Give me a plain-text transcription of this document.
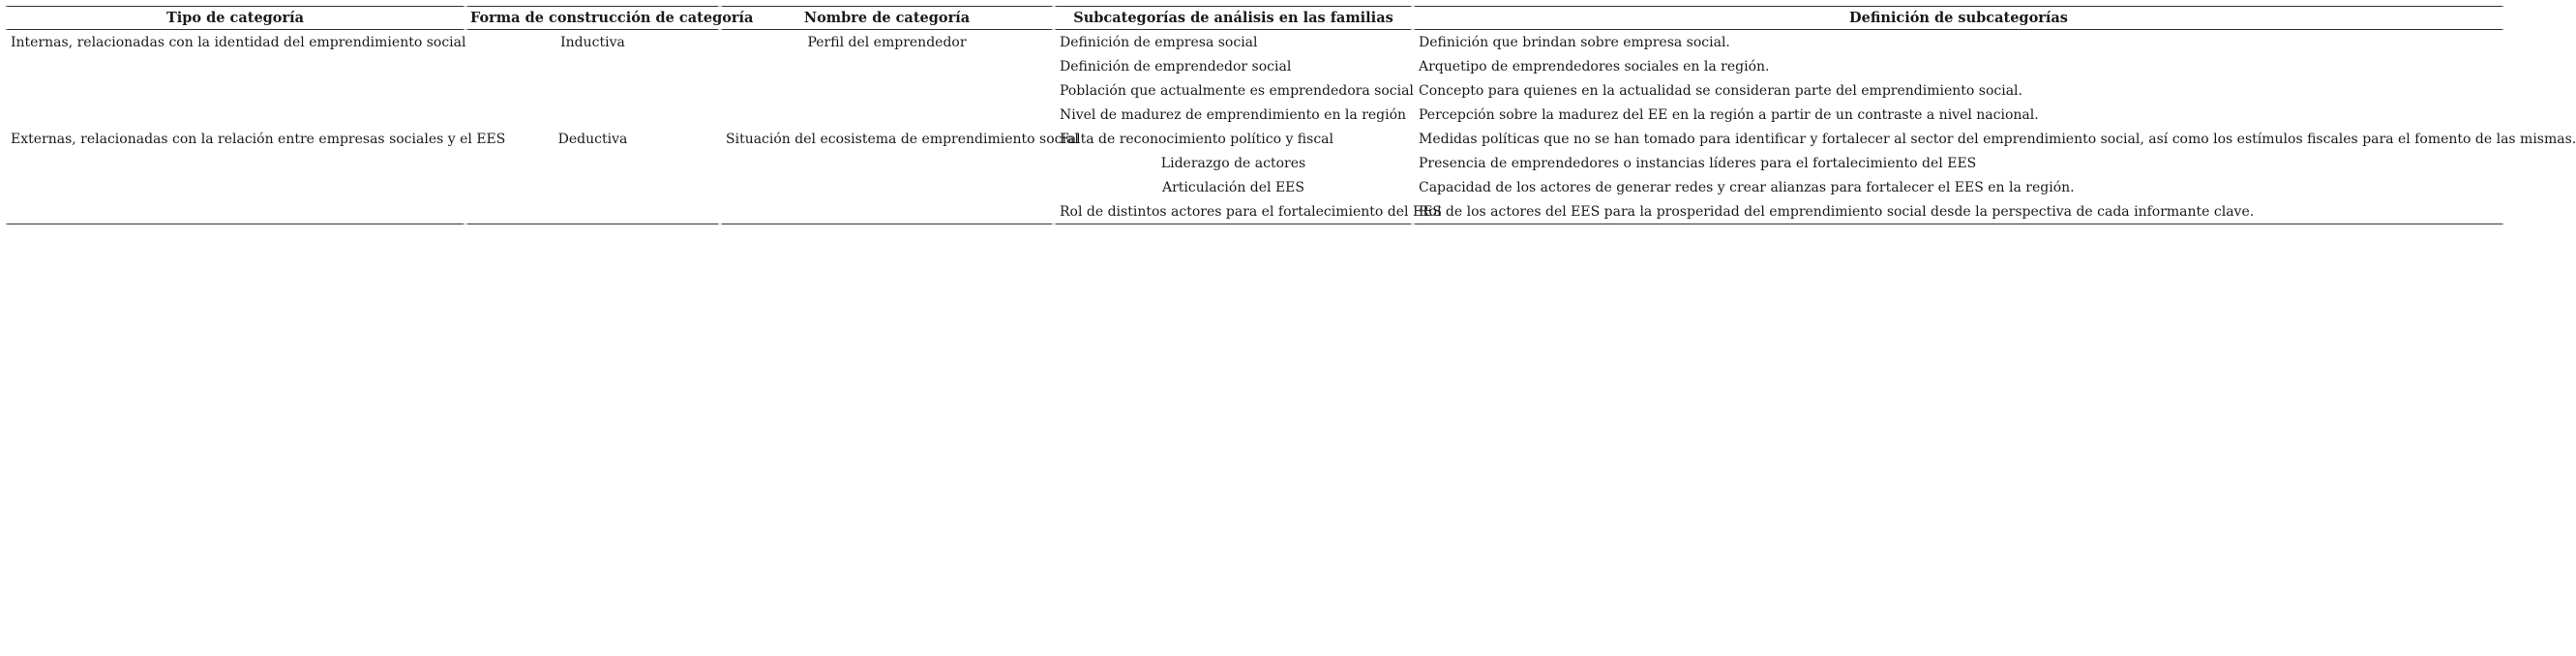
Tipo de categoría	Forma de construcción de categoría	Nombre de categoría	Subcategorías de análisis en las familias	Definición de subcategorías
Internas, relacionadas con la identidad del emprendimiento social	Inductiva	Perfil del emprendedor	Definición de empresa social	Definición que brindan sobre empresa social.
			Definición de emprendedor social	Arquetipo de emprendedores sociales en la región.
			Población que actualmente es emprendedora social	Concepto para quienes en la actualidad se consideran parte del emprendimiento social.
			Nivel de madurez de emprendimiento en la región	Percepción sobre la madurez del EE en la región a partir de un contraste a nivel nacional.
Externas, relacionadas con la relación entre empresas sociales y el EES	Deductiva	Situación del ecosistema de emprendimiento social	Falta de reconocimiento político y fiscal	Medidas políticas que no se han tomado para identificar y fortalecer al sector del emprendimiento social, así como los estímulos fiscales para el fomento de las mismas.
			Liderazgo de actores	Presencia de emprendedores o instancias líderes para el fortalecimiento del EES
			Articulación del EES	Capacidad de los actores de generar redes y crear alianzas para fortalecer el EES en la región.
			Rol de distintos actores para el fortalecimiento del EES	Rol de los actores del EES para la prosperidad del emprendimiento social desde la perspectiva de cada informante clave.
